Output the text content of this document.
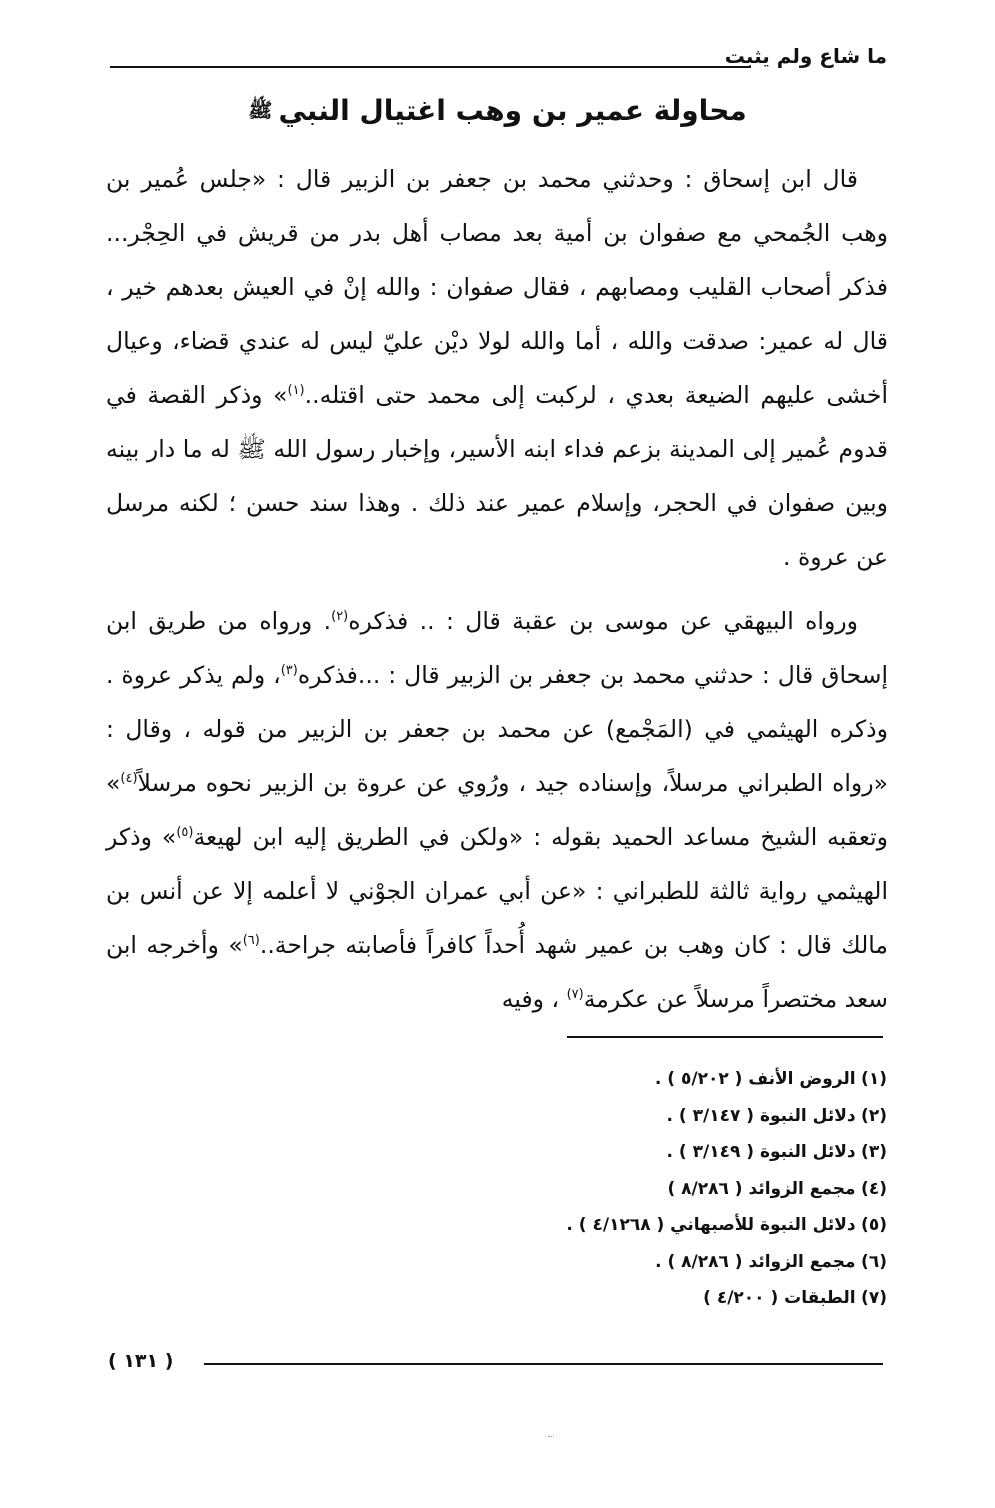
ما شاع ولم يثبت
محاولة عمير بن وهب اغتيال النبيﷺ

قال ابن إسحاق : وحدثني محمد بن جعفر بن الزبير قال : «جلس عُمير بن وهب الجُمحي مع صفوان بن أمية بعد مصاب أهل بدر من قريش في الحِجْر... فذكر أصحاب القليب ومصابهم ، فقال صفوان : والله إنْ في العيش بعدهم خير ، قال له عمير: صدقت والله ، أما والله لولا ديْن عليّ ليس له عندي قضاء، وعيال أخشى عليهم الضيعة بعدي ، لركبت إلى محمد حتى اقتله..$^{(١)}$» وذكر القصة في قدوم عُمير إلى المدينة بزعم فداء ابنه الأسير، وإخبار رسول الله ﷺ له ما دار بينه وبين صفوان في الحجر، وإسلام عمير عند ذلك . وهذا سند حسن ؛ لكنه مرسل عن عروة .

ورواه البيهقي عن موسى بن عقبة قال : .. فذكره$^{(٢)}$. ورواه من طريق ابن إسحاق قال : حدثني محمد بن جعفر بن الزبير قال : ...فذكره$^{(٣)}$، ولم يذكر عروة . وذكره الهيثمي في (المَجْمع) عن محمد بن جعفر بن الزبير من قوله ، وقال : «رواه الطبراني مرسلاً، وإسناده جيد ، ورُوي عن عروة بن الزبير نحوه مرسلاً$^{(٤)}$» وتعقبه الشيخ مساعد الحميد بقوله : «ولكن في الطريق إليه ابن لهيعة$^{(٥)}$» وذكر الهيثمي رواية ثالثة للطبراني : «عن أبي عمران الجوْني لا أعلمه إلا عن أنس بن مالك قال : كان وهب بن عمير شهد أُحداً كافراً فأصابته جراحة..$^{(٦)}$» وأخرجه ابن سعد مختصراً مرسلاً عن عكرمة$^{(٧)}$ ، وفيه

(١) الروض الأنف ( ٥/٢٠٢ ) .
(٢) دلائل النبوة ( ٣/١٤٧ ) .
(٣) دلائل النبوة ( ٣/١٤٩ ) .
(٤) مجمع الزوائد ( ٨/٢٨٦ )
(٥) دلائل النبوة للأصبهاني ( ٤/١٢٦٨ ) .
(٦) مجمع الزوائد ( ٨/٢٨٦ ) .
(٧) الطبقات ( ٤/٢٠٠ )
( ١٣١ )
